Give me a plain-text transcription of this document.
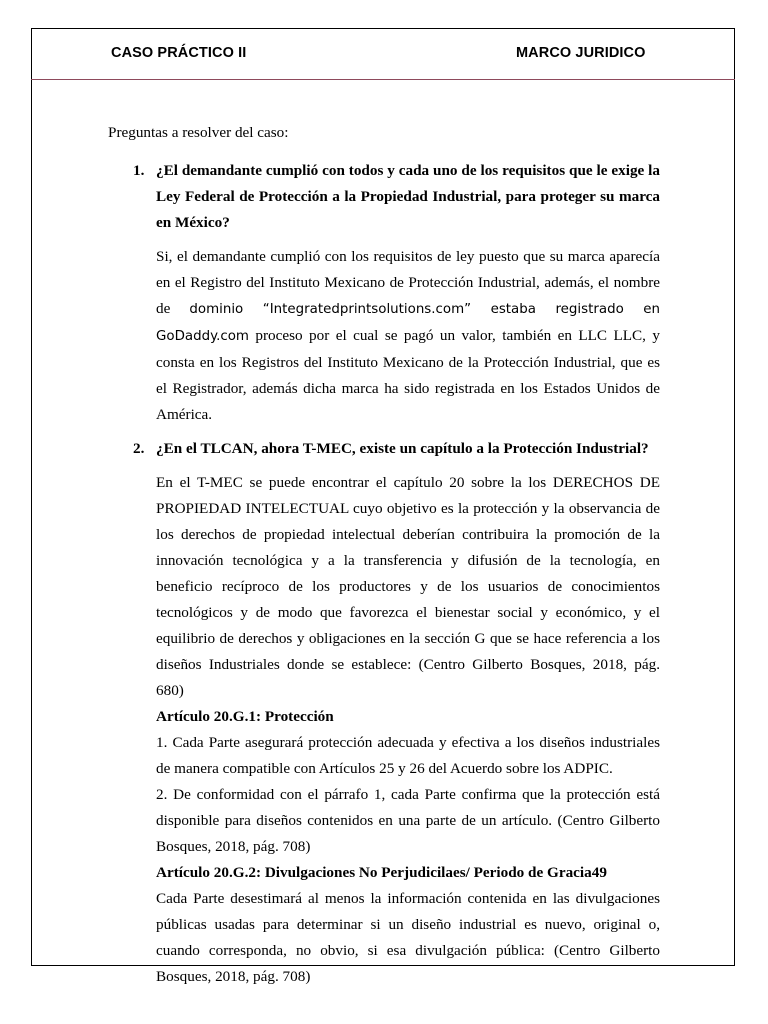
CASO PRÁCTICO II	MARCO JURIDICO

Preguntas a resolver del caso:

1. ¿El demandante cumplió con todos y cada uno de los requisitos que le exige la Ley Federal de Protección a la Propiedad Industrial, para proteger su marca en México?

Si, el demandante cumplió con los requisitos de ley puesto que su marca aparecía en el Registro del Instituto Mexicano de Protección Industrial, además, el nombre de dominio “Integratedprintsolutions.com” estaba registrado en GoDaddy.com proceso por el cual se pagó un valor, también en LLC LLC, y consta en los Registros del Instituto Mexicano de la Protección Industrial, que es el Registrador, además dicha marca ha sido registrada en los Estados Unidos de América.

2. ¿En el TLCAN, ahora T-MEC, existe un capítulo a la Protección Industrial?

En el T-MEC se puede encontrar el capítulo 20 sobre la los DERECHOS DE PROPIEDAD INTELECTUAL cuyo objetivo es la protección y la observancia de los derechos de propiedad intelectual deberían contribuira la promoción de la innovación tecnológica y a la transferencia y difusión de la tecnología, en beneficio recíproco de los productores y de los usuarios de conocimientos tecnológicos y de modo que favorezca el bienestar social y económico, y el equilibrio de derechos y obligaciones en la sección G que se hace referencia a los diseños Industriales donde se establece: (Centro Gilberto Bosques, 2018, pág. 680)

Artículo 20.G.1: Protección

1. Cada Parte asegurará protección adecuada y efectiva a los diseños industriales de manera compatible con Artículos 25 y 26 del Acuerdo sobre los ADPIC.

2. De conformidad con el párrafo 1, cada Parte confirma que la protección está disponible para diseños contenidos en una parte de un artículo. (Centro Gilberto Bosques, 2018, pág. 708)

Artículo 20.G.2: Divulgaciones No Perjudicilaes/ Periodo de Gracia49

Cada Parte desestimará al menos la información contenida en las divulgaciones públicas usadas para determinar si un diseño industrial es nuevo, original o, cuando corresponda, no obvio, si esa divulgación pública: (Centro Gilberto Bosques, 2018, pág. 708)
